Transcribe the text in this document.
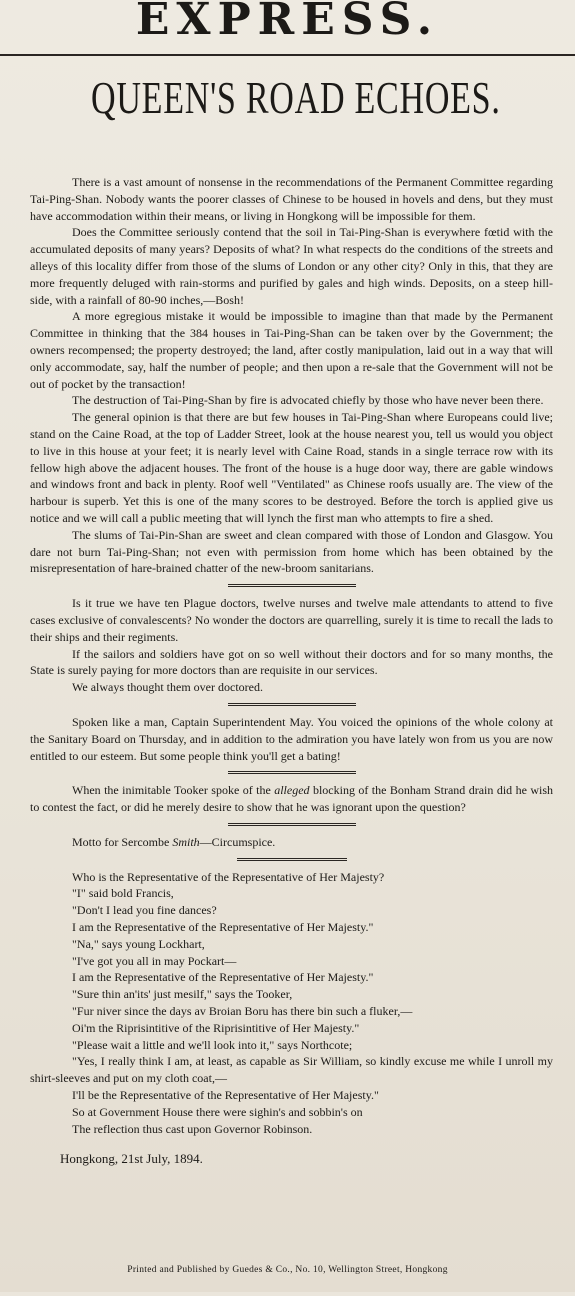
EXPRESS.
QUEEN'S ROAD ECHOES.

There is a vast amount of nonsense in the recommendations of the Permanent Committee regarding Tai-Ping-Shan. Nobody wants the poorer classes of Chinese to be housed in hovels and dens, but they must have accommodation within their means, or living in Hongkong will be impossible for them.

Does the Committee seriously contend that the soil in Tai-Ping-Shan is everywhere fœtid with the accumulated deposits of many years? Deposits of what? In what respects do the conditions of the streets and alleys of this locality differ from those of the slums of London or any other city? Only in this, that they are more frequently deluged with rain-storms and purified by gales and high winds. Deposits, on a steep hill-side, with a rainfall of 80-90 inches,—Bosh!

A more egregious mistake it would be impossible to imagine than that made by the Permanent Committee in thinking that the 384 houses in Tai-Ping-Shan can be taken over by the Government; the owners recompensed; the property destroyed; the land, after costly manipulation, laid out in a way that will only accommodate, say, half the number of people; and then upon a re-sale that the Government will not be out of pocket by the transaction!

The destruction of Tai-Ping-Shan by fire is advocated chiefly by those who have never been there.

The general opinion is that there are but few houses in Tai-Ping-Shan where Europeans could live; stand on the Caine Road, at the top of Ladder Street, look at the house nearest you, tell us would you object to live in this house at your feet; it is nearly level with Caine Road, stands in a single terrace row with its fellow high above the adjacent houses. The front of the house is a huge door way, there are gable windows and windows front and back in plenty. Roof well "Ventilated" as Chinese roofs usually are. The view of the harbour is superb. Yet this is one of the many scores to be destroyed. Before the torch is applied give us notice and we will call a public meeting that will lynch the first man who attempts to fire a shed.

The slums of Tai-Pin-Shan are sweet and clean compared with those of London and Glasgow. You dare not burn Tai-Ping-Shan; not even with permission from home which has been obtained by the misrepresentation of hare-brained chatter of the new-broom sanitarians.

Is it true we have ten Plague doctors, twelve nurses and twelve male attendants to attend to five cases exclusive of convalescents? No wonder the doctors are quarrelling, surely it is time to recall the lads to their ships and their regiments.

If the sailors and soldiers have got on so well without their doctors and for so many months, the State is surely paying for more doctors than are requisite in our services.

We always thought them over doctored.

Spoken like a man, Captain Superintendent May. You voiced the opinions of the whole colony at the Sanitary Board on Thursday, and in addition to the admiration you have lately won from us you are now entitled to our esteem. But some people think you'll get a bating!

When the inimitable Tooker spoke of the alleged blocking of the Bonham Strand drain did he wish to contest the fact, or did he merely desire to show that he was ignorant upon the question?

Motto for Sercombe Smith—Circumspice.

Who is the Representative of the Representative of Her Majesty?

"I" said bold Francis,

"Don't I lead you fine dances?

I am the Representative of the Representative of Her Majesty."

"Na," says young Lockhart,

"I've got you all in may Pockart—

I am the Representative of the Representative of Her Majesty."

"Sure thin an'its' just mesilf," says the Tooker,

"Fur niver since the days av Broian Boru has there bin such a fluker,—

Oi'm the Riprisintitive of the Riprisintitive of Her Majesty."

"Please wait a little and we'll look into it," says Northcote;

"Yes, I really think I am, at least, as capable as Sir William, so kindly excuse me while I unroll my shirt-sleeves and put on my cloth coat,—

I'll be the Representative of the Representative of Her Majesty."

So at Government House there were sighin's and sobbin's on

The reflection thus cast upon Governor Robinson.

Hongkong, 21st July, 1894.
Printed and Published by Guedes & Co., No. 10, Wellington Street, Hongkong
